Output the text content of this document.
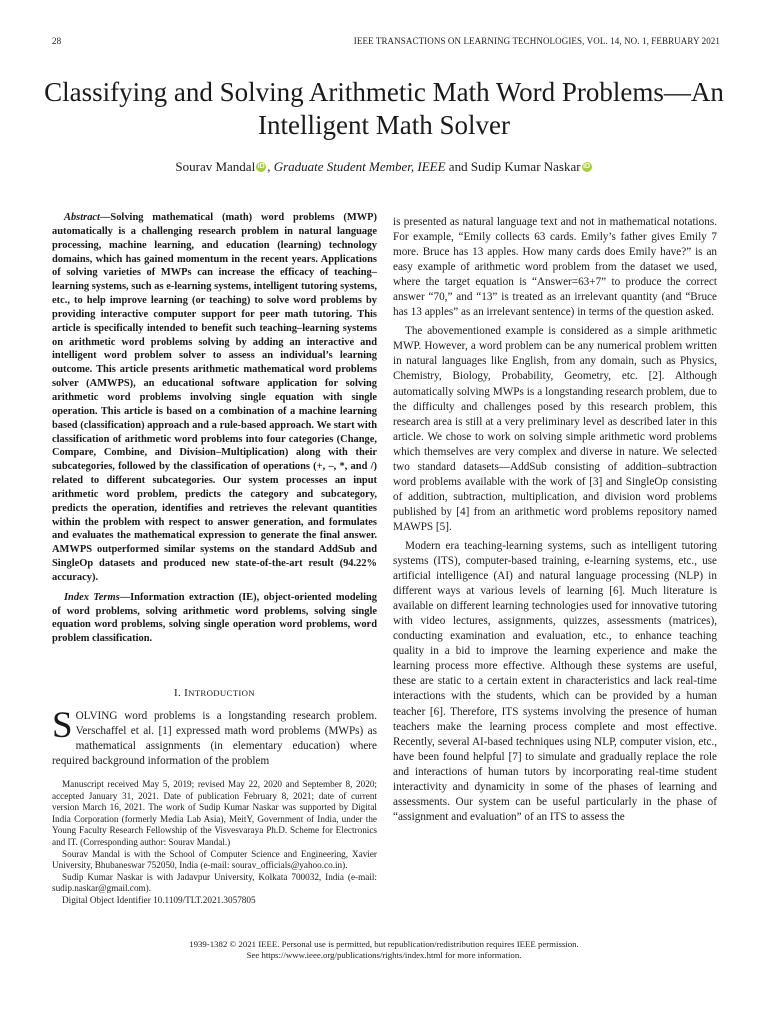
28	IEEE TRANSACTIONS ON LEARNING TECHNOLOGIES, VOL. 14, NO. 1, FEBRUARY 2021
Classifying and Solving Arithmetic Math Word Problems—An Intelligent Math Solver
Sourav Mandal iD , Graduate Student Member, IEEE and Sudip Kumar Naskar iD

Abstract—Solving mathematical (math) word problems (MWP) automatically is a challenging research problem in natural language processing, machine learning, and education (learning) technology domains, which has gained momentum in the recent years. Applications of solving varieties of MWPs can increase the efficacy of teaching–learning systems, such as e-learning systems, intelligent tutoring systems, etc., to help improve learning (or teaching) to solve word problems by providing interactive computer support for peer math tutoring. This article is specifically intended to benefit such teaching–learning systems on arithmetic word problems solving by adding an interactive and intelligent word problem solver to assess an individual’s learning outcome. This article presents arithmetic mathematical word problems solver (AMWPS), an educational software application for solving arithmetic word problems involving single equation with single operation. This article is based on a combination of a machine learning based (classification) approach and a rule-based approach. We start with classification of arithmetic word problems into four categories (Change, Compare, Combine, and Division–Multiplication) along with their subcategories, followed by the classification of operations (+, –, *, and /) related to different subcategories. Our system processes an input arithmetic word problem, predicts the category and subcategory, predicts the operation, identifies and retrieves the relevant quantities within the problem with respect to answer generation, and formulates and evaluates the mathematical expression to generate the final answer. AMWPS outperformed similar systems on the standard AddSub and SingleOp datasets and produced new state-of-the-art result (94.22% accuracy).

Index Terms—Information extraction (IE), object-oriented modeling of word problems, solving arithmetic word problems, solving single equation word problems, solving single operation word problems, word problem classification.

I. INTRODUCTION

SOLVING word problems is a longstanding research problem. Verschaffel et al. [1] expressed math word problems (MWPs) as mathematical assignments (in elementary education) where required background information of the problem

Manuscript received May 5, 2019; revised May 22, 2020 and September 8, 2020; accepted January 31, 2021. Date of publication February 8, 2021; date of current version March 16, 2021. The work of Sudip Kumar Naskar was supported by Digital India Corporation (formerly Media Lab Asia), MeitY, Government of India, under the Young Faculty Research Fellowship of the Visvesvaraya Ph.D. Scheme for Electronics and IT. (Corresponding author: Sourav Mandal.)

Sourav Mandal is with the School of Computer Science and Engineering, Xavier University, Bhubaneswar 752050, India (e-mail: sourav_officials@yahoo.co.in).

Sudip Kumar Naskar is with Jadavpur University, Kolkata 700032, India (e-mail: sudip.naskar@gmail.com).

Digital Object Identifier 10.1109/TLT.2021.3057805

is presented as natural language text and not in mathematical notations. For example, “Emily collects 63 cards. Emily’s father gives Emily 7 more. Bruce has 13 apples. How many cards does Emily have?” is an easy example of arithmetic word problem from the dataset we used, where the target equation is “Answer=63+7” to produce the correct answer “70,” and “13” is treated as an irrelevant quantity (and “Bruce has 13 apples” as an irrelevant sentence) in terms of the question asked.

The abovementioned example is considered as a simple arithmetic MWP. However, a word problem can be any numerical problem written in natural languages like English, from any domain, such as Physics, Chemistry, Biology, Probability, Geometry, etc. [2]. Although automatically solving MWPs is a longstanding research problem, due to the difficulty and challenges posed by this research problem, this research area is still at a very preliminary level as described later in this article. We chose to work on solving simple arithmetic word problems which themselves are very complex and diverse in nature. We selected two standard datasets—AddSub consisting of addition–subtraction word problems available with the work of [3] and SingleOp consisting of addition, subtraction, multiplication, and division word problems published by [4] from an arithmetic word problems repository named MAWPS [5].

Modern era teaching-learning systems, such as intelligent tutoring systems (ITS), computer-based training, e-learning systems, etc., use artificial intelligence (AI) and natural language processing (NLP) in different ways at various levels of learning [6]. Much literature is available on different learning technologies used for innovative tutoring with video lectures, assignments, quizzes, assessments (matrices), conducting examination and evaluation, etc., to enhance teaching quality in a bid to improve the learning experience and make the learning process more effective. Although these systems are useful, these are static to a certain extent in characteristics and lack real-time interactions with the students, which can be provided by a human teacher [6]. Therefore, ITS systems involving the presence of human teachers make the learning process complete and most effective. Recently, several AI-based techniques using NLP, computer vision, etc., have been found helpful [7] to simulate and gradually replace the role and interactions of human tutors by incorporating real-time student interactivity and dynamicity in some of the phases of learning and assessments. Our system can be useful particularly in the phase of “assignment and evaluation” of an ITS to assess the

1939-1382 © 2021 IEEE. Personal use is permitted, but republication/redistribution requires IEEE permission.
See https://www.ieee.org/publications/rights/index.html for more information.
